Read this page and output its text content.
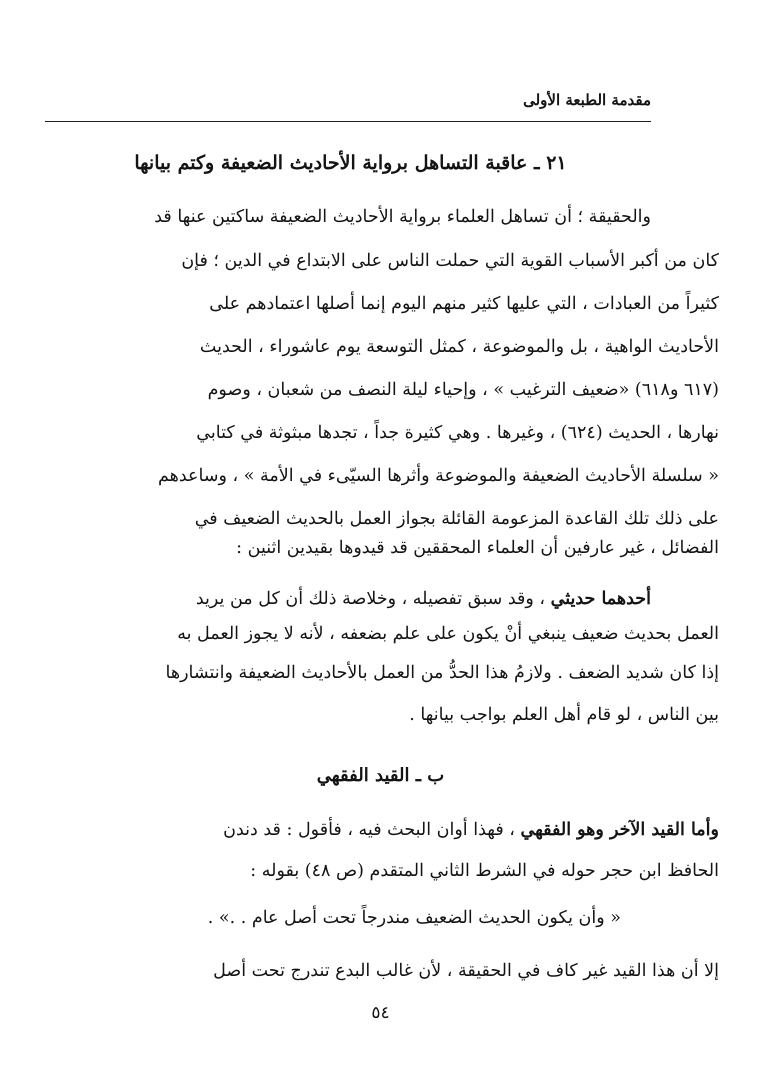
مقدمة الطبعة الأولى
٢١ ـ عاقبة التساهل برواية الأحاديث الضعيفة وكتم بيانها
والحقيقة ؛ أن تساهل العلماء برواية الأحاديث الضعيفة ساكتين عنها قد
كان من أكبر الأسباب القوية التي حملت الناس على الابتداع في الدين ؛ فإن
كثيراً من العبادات ، التي عليها كثير منهم اليوم إنما أصلها اعتمادهم على
الأحاديث الواهية ، بل والموضوعة ، كمثل التوسعة يوم عاشوراء ، الحديث
(٦١٧ و٦١٨) «ضعيف الترغيب » ، وإحياء ليلة النصف من شعبان ، وصوم
نهارها ، الحديث (٦٢٤) ، وغيرها . وهي كثيرة جداً ، تجدها مبثوثة في كتابي
« سلسلة الأحاديث الضعيفة والموضوعة وأثرها السيّىء في الأمة » ، وساعدهم
على ذلك تلك القاعدة المزعومة القائلة بجواز العمل بالحديث الضعيف في
الفضائل ، غير عارفين أن العلماء المحققين قد قيدوها بقيدين اثنين :
أحدهما حديثي ، وقد سبق تفصيله ، وخلاصة ذلك أن كل من يريد
العمل بحديث ضعيف ينبغي أنْ يكون على علم بضعفه ، لأنه لا يجوز العمل به
إذا كان شديد الضعف . ولازمُ هذا الحدُّ من العمل بالأحاديث الضعيفة وانتشارها
بين الناس ، لو قام أهل العلم بواجب بيانها .
ب ـ القيد الفقهي
وأما القيد الآخر وهو الفقهي ، فهذا أوان البحث فيه ، فأقول : قد دندن
الحافظ ابن حجر حوله في الشرط الثاني المتقدم (ص ٤٨) بقوله :
« وأن يكون الحديث الضعيف مندرجاً تحت أصل عام . .» .
إلا أن هذا القيد غير كاف في الحقيقة ، لأن غالب البدع تندرج تحت أصل
٥٤
